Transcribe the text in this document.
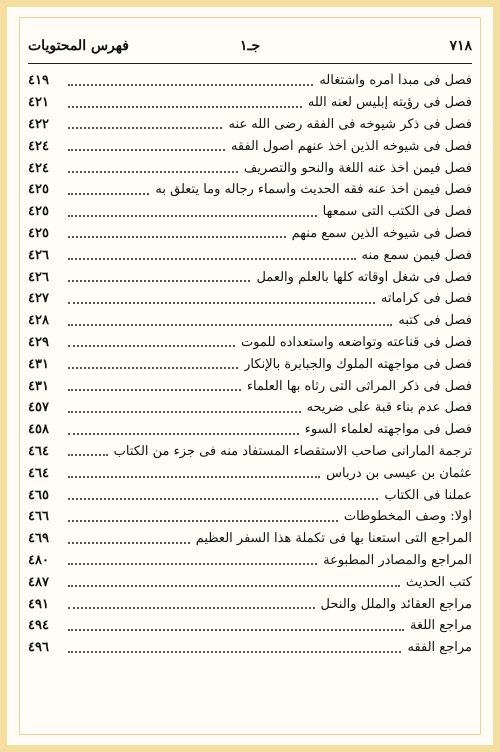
٧١٨
جـ١
فهرس المحتويات
فصل فى مبدأ أمره واشتغاله
٤١٩
فصل فى رؤيته إبليس لعنه الله
٤٢١
فصل فى ذكر شيوخه فى الفقه رضى الله عنه
٤٢٢
فصل فى شيوخه الذين أخذ عنهم أصول الفقه
٤٢٤
فصل فيمن أخذ عنه اللغة والنحو والتصريف
٤٢٤
فصل فيمن أخذ عنه فقه الحديث وأسماء رجاله وما يتعلق به
٤٢٥
فصل فى الكتب التى سمعها
٤٢٥
فصل فى شيوخه الذين سمع منهم
٤٢٥
فصل فيمن سمع منه
٤٢٦
فصل فى شغل أوقاته كلها بالعلم والعمل
٤٢٦
فصل فى كراماته
٤٢٧
فصل فى كتبه
٤٢٨
فصل فى قناعته وتواضعه واستعداده للموت
٤٢٩
فصل فى مواجهته الملوك والجبابرة بالإنكار
٤٣١
فصل فى ذكر المراثى التى رثاه بها العلماء
٤٣١
فصل عدم بناء قبة على ضريحه
٤٥٧
فصل فى مواجهته لعلماء السوء
٤٥٨
ترجمة المارانى صاحب الاستقصاء المستفاد منه فى جزء من الكتاب
٤٦٤
عثمان بن عيسى بن درباس
٤٦٤
عملنا فى الكتاب
٤٦٥
أولا: وصف المخطوطات
٤٦٦
المراجع التى استعنا بها فى تكملة هذا السفر العظيم
٤٦٩
المراجع والمصادر المطبوعة
٤٨٠
كتب الحديث
٤٨٧
مراجع العقائد والملل والنحل
٤٩١
مراجع اللغة
٤٩٤
مراجع الفقه
٤٩٦
